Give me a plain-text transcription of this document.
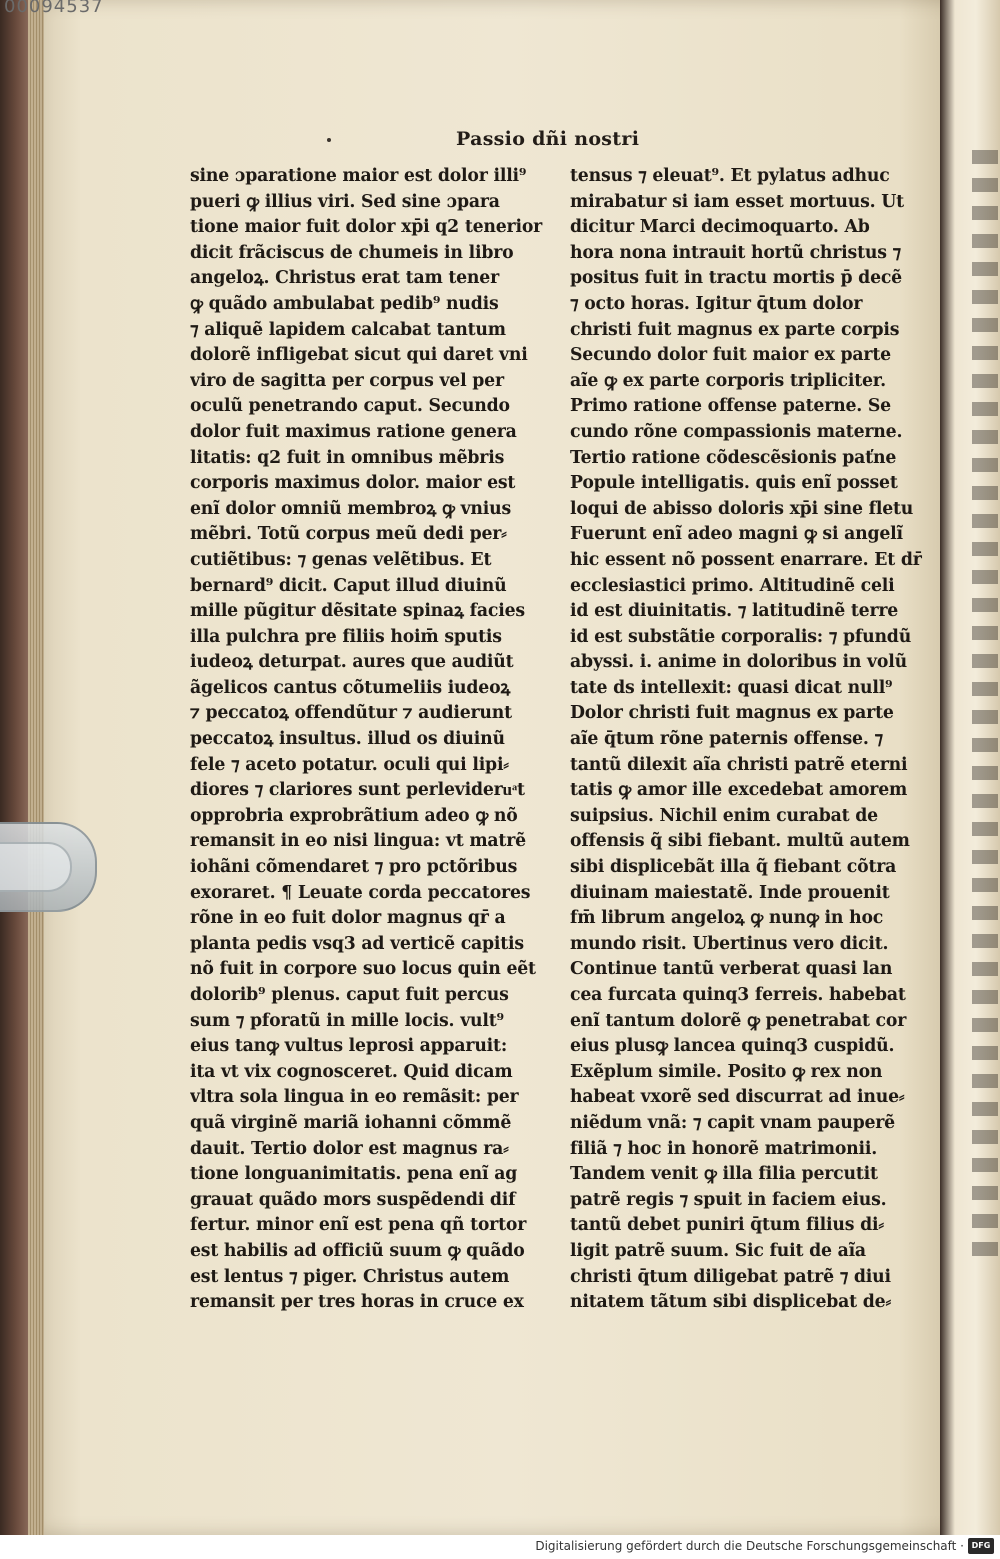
00094537
Passio dñi nostri
sine ɔparatione maior est dolor illi⁹
pueri ꝙ illius viri. Sed sine ɔpara
tione maior fuit dolor xp̄i q2 tenerior
dicit frãciscus de chumeis in libro
angeloꝝ. Christus erat tam tener
ꝙ quãdo ambulabat pedib⁹ nudis
⁊ aliquẽ lapidem calcabat tantum
dolorẽ infligebat sicut qui daret vni
viro de sagitta per corpus vel per
oculũ penetrando caput. Secundo
dolor fuit maximus ratione genera
litatis: q2 fuit in omnibus mẽbris
corporis maximus dolor. maior est
enĩ dolor omniũ membroꝝ ꝙ vnius
mẽbri. Totũ corpus meũ dedi per⸗
cutiẽtibus: ⁊ genas velẽtibus. Et
bernard⁹ dicit. Caput illud diuinũ
mille pũgitur dẽsitate spinaꝝ facies
illa pulchra pre filiis hoim̄ sputis
iudeoꝝ deturpat. aures que audiũt
ãgelicos cantus cõtumeliis iudeoꝝ
⁊ peccatoꝝ offendũtur ⁊ audierunt
peccatoꝝ insultus. illud os diuinũ
fele ⁊ aceto potatur. oculi qui lipi⸗
diores ⁊ clariores sunt perlevideruͣt
opprobria exprobrãtium adeo ꝙ nõ
remansit in eo nisi lingua: vt matrẽ
iohãni cõmendaret ⁊ pro pctõribus
exoraret. ¶ Leuate corda peccatores
rõne in eo fuit dolor magnus qr̄ a
planta pedis vsq3 ad verticẽ capitis
nõ fuit in corpore suo locus quin eẽt
dolorib⁹ plenus. caput fuit percus
sum ⁊ pforatũ in mille locis. vult⁹
eius tanꝙ vultus leprosi apparuit:
ita vt vix cognosceret. Quid dicam
vltra sola lingua in eo remãsit: per
quã virginẽ mariã iohanni cõmmẽ
dauit. Tertio dolor est magnus ra⸗
tione longuanimitatis. pena enĩ ag
grauat quãdo mors suspẽdendi dif
fertur. minor enĩ est pena qñ tortor
est habilis ad officiũ suum ꝙ quãdo
est lentus ⁊ piger. Christus autem
remansit per tres horas in cruce ex
tensus ⁊ eleuat⁹. Et pylatus adhuc
mirabatur si iam esset mortuus. Ut
dicitur Marci decimoquarto. Ab
hora nona intrauit hortũ christus ⁊
positus fuit in tractu mortis p̄ decẽ
⁊ octo horas. Igitur q̄tum dolor
christi fuit magnus ex parte corpis
Secundo dolor fuit maior ex parte
aĩe ꝙ ex parte corporis tripliciter.
Primo ratione offense paterne. Se
cundo rõne compassionis materne.
Tertio ratione cõdescẽsionis paťne
Popule intelligatis. quis enĩ posset
loqui de abisso doloris xp̄i sine fletu
Fuerunt enĩ adeo magni ꝙ si angelĩ
hic essent nõ possent enarrare. Et dr̄
ecclesiastici primo. Altitudinẽ celi
id est diuinitatis. ⁊ latitudinẽ terre
id est substãtie corporalis: ⁊ pfundũ
abyssi. i. anime in doloribus in volũ
tate ds intellexit: quasi dicat null⁹
Dolor christi fuit magnus ex parte
aĩe q̄tum rõne paternis offense. ⁊
tantũ dilexit aĩa christi patrẽ eterni
tatis ꝙ amor ille excedebat amorem
suipsius. Nichil enim curabat de
offensis q̃ sibi fiebant. multũ autem
sibi displicebãt illa q̃ fiebant cõtra
diuinam maiestatẽ. Inde prouenit
fm̄ librum angeloꝝ ꝙ nunꝙ in hoc
mundo risit. Ubertinus vero dicit.
Continue tantũ verberat quasi lan
cea furcata quinq3 ferreis. habebat
enĩ tantum dolorẽ ꝙ penetrabat cor
eius plusꝙ lancea quinq3 cuspidũ.
Exẽplum simile. Posito ꝙ rex non
habeat vxorẽ sed discurrat ad inue⸗
niẽdum vnã: ⁊ capit vnam pauperẽ
filiã ⁊ hoc in honorẽ matrimonii.
Tandem venit ꝙ illa filia percutit
patrẽ regis ⁊ spuit in faciem eius.
tantũ debet puniri q̄tum filius di⸗
ligit patrẽ suum. Sic fuit de aĩa
christi q̄tum diligebat patrẽ ⁊ diui
nitatem tãtum sibi displicebat de⸗
Digitalisierung gefördert durch die Deutsche Forschungsgemeinschaft · DFG
